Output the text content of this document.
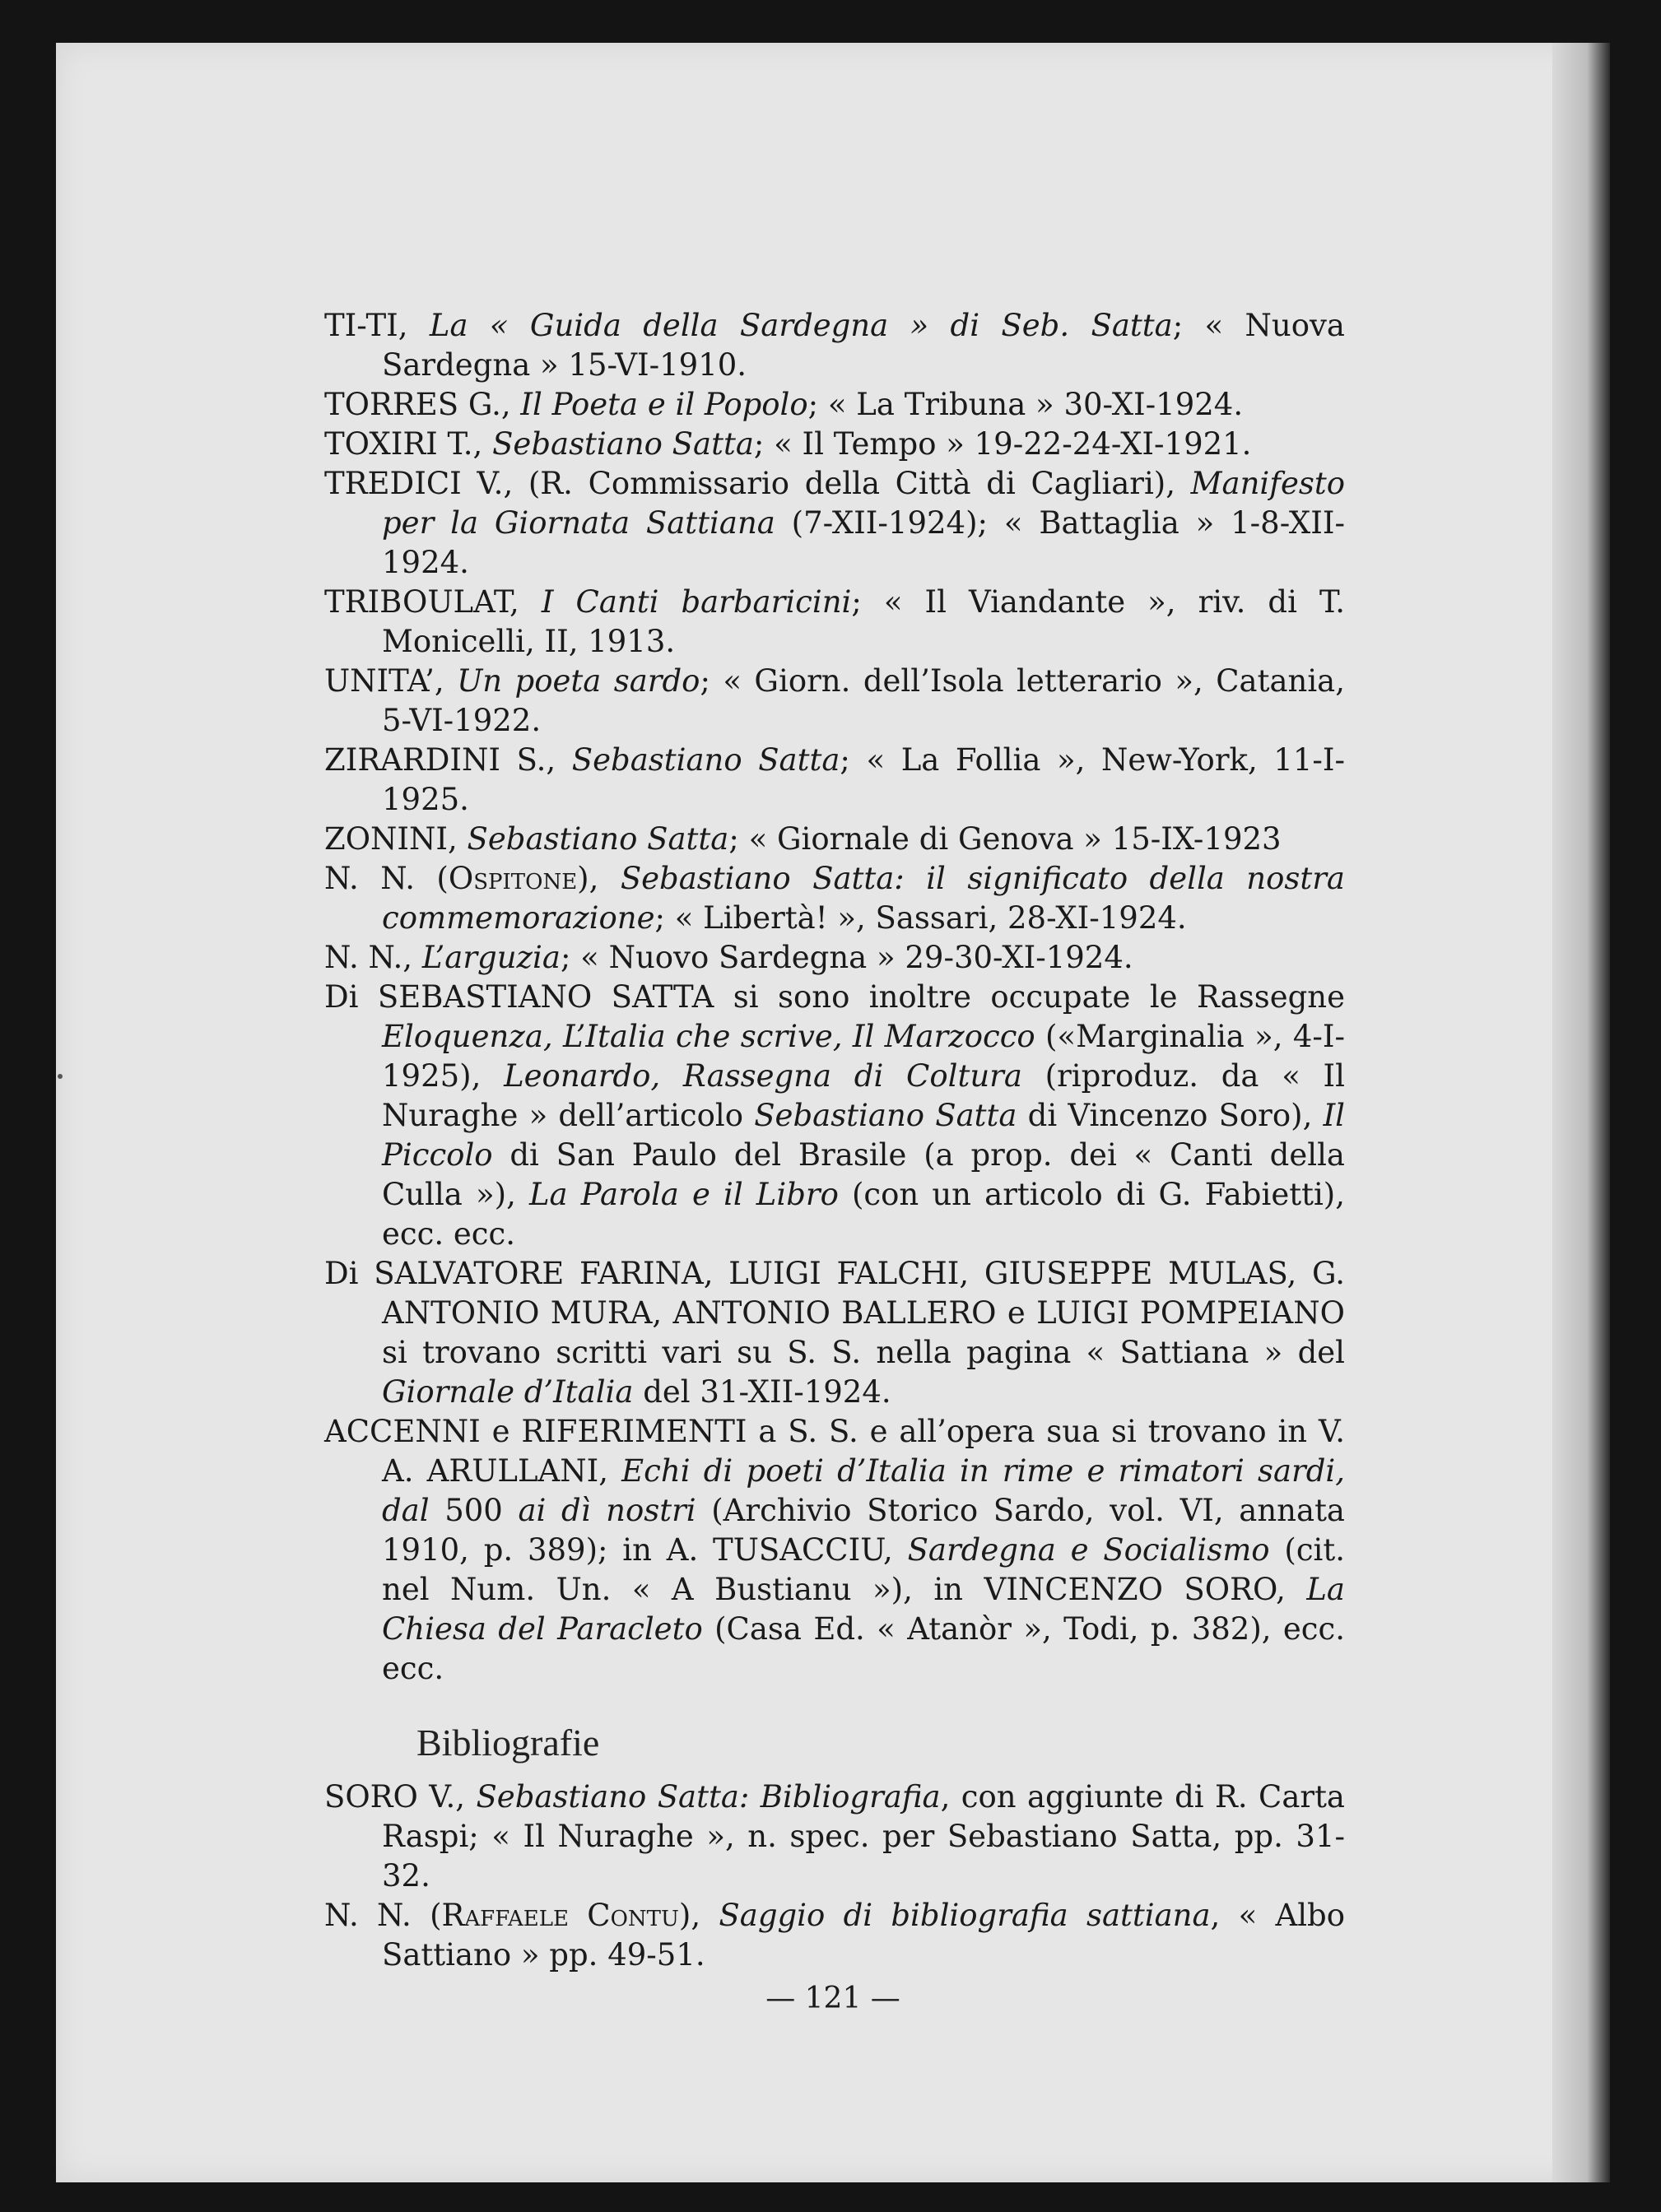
TI-TI, La « Guida della Sardegna » di Seb. Satta; « Nuova Sardegna » 15-VI-1910.

TORRES G., Il Poeta e il Popolo; « La Tribuna » 30-XI-1924.

TOXIRI T., Sebastiano Satta; « Il Tempo » 19-22-24-XI-1921.

TREDICI V., (R. Commissario della Città di Cagliari), Manifesto per la Giornata Sattiana (7-XII-1924); « Battaglia » 1-8-XII-1924.

TRIBOULAT, I Canti barbaricini; « Il Viandante », riv. di T. Monicelli, II, 1913.

UNITA’, Un poeta sardo; « Giorn. dell’Isola letterario », Catania, 5-VI-1922.

ZIRARDINI S., Sebastiano Satta; « La Follia », New-York, 11-I-1925.

ZONINI, Sebastiano Satta; « Giornale di Genova » 15-IX-1923

N. N. (Ospitone), Sebastiano Satta: il significato della nostra commemorazione; « Libertà! », Sassari, 28-XI-1924.

N. N., L’arguzia; « Nuovo Sardegna » 29-30-XI-1924.

Di SEBASTIANO SATTA si sono inoltre occupate le Rassegne Eloquenza, L’Italia che scrive, Il Marzocco («Marginalia », 4-I-1925), Leonardo, Rassegna di Coltura (riproduz. da « Il Nuraghe » dell’articolo Sebastiano Satta di Vincenzo Soro), Il Piccolo di San Paulo del Brasile (a prop. dei « Canti della Culla »), La Parola e il Libro (con un articolo di G. Fabietti), ecc. ecc.

Di SALVATORE FARINA, LUIGI FALCHI, GIUSEPPE MULAS, G. ANTONIO MURA, ANTONIO BALLERO e LUIGI POMPEIANO si trovano scritti vari su S. S. nella pagina « Sattiana » del Giornale d’Italia del 31-XII-1924.

ACCENNI e RIFERIMENTI a S. S. e all’opera sua si trovano in V. A. ARULLANI, Echi di poeti d’Italia in rime e rimatori sardi, dal 500 ai dì nostri (Archivio Storico Sardo, vol. VI, annata 1910, p. 389); in A. TUSACCIU, Sardegna e Socialismo (cit. nel Num. Un. « A Bustianu »), in VINCENZO SORO, La Chiesa del Paracleto (Casa Ed. « Atanòr », Todi, p. 382), ecc. ecc.

Bibliografie

SORO V., Sebastiano Satta: Bibliografia, con aggiunte di R. Carta Raspi; « Il Nuraghe », n. spec. per Sebastiano Satta, pp. 31-32.

N. N. (Raffaele Contu), Saggio di bibliografia sattiana, « Albo Sattiano » pp. 49-51.

— 121 —
